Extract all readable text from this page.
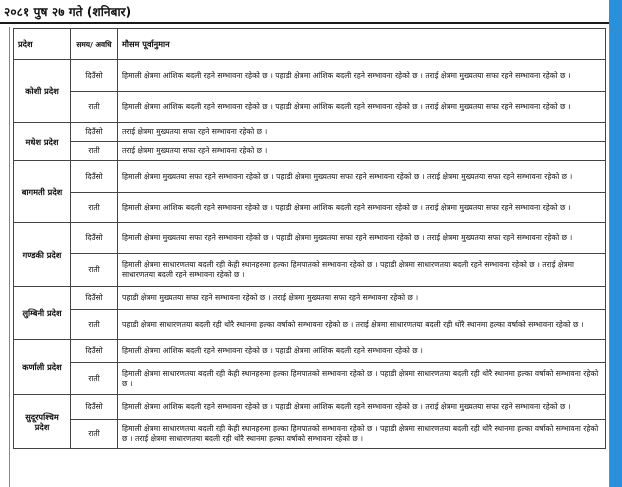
२०८१ पुष २७ गते (शनिबार)
प्रदेश	समय/ अवधि	मौसम पूर्वानुमान
कोशी प्रदेश	दिउँसो	हिमाली क्षेत्रमा आंशिक बदली रहने सम्भावना रहेको छ । पहाडी क्षेत्रमा आंशिक बदली रहने सम्भावना रहेको छ । तराई क्षेत्रमा मुख्यतया सफा रहने सम्भावना रहेको छ ।
	राती	हिमाली क्षेत्रमा आंशिक बदली रहने सम्भावना रहेको छ । पहाडी क्षेत्रमा आंशिक बदली रहने सम्भावना रहेको छ । तराई क्षेत्रमा मुख्यतया सफा रहने सम्भावना रहेको छ ।
मधेश प्रदेश	दिउँसो	तराई क्षेत्रमा मुख्यतया सफा रहने सम्भावना रहेको छ ।
	राती	तराई क्षेत्रमा मुख्यतया सफा रहने सम्भावना रहेको छ ।
बागमती प्रदेश	दिउँसो	हिमाली क्षेत्रमा मुख्यतया सफा रहने सम्भावना रहेको छ । पहाडी क्षेत्रमा मुख्यतया सफा रहने सम्भावना रहेको छ । तराई क्षेत्रमा मुख्यतया सफा रहने सम्भावना रहेको छ ।
	राती	हिमाली क्षेत्रमा आंशिक बदली रहने सम्भावना रहेको छ । पहाडी क्षेत्रमा आंशिक बदली रहने सम्भावना रहेको छ । तराई क्षेत्रमा मुख्यतया सफा रहने सम्भावना रहेको छ ।
गण्डकी प्रदेश	दिउँसो	हिमाली क्षेत्रमा मुख्यतया सफा रहने सम्भावना रहेको छ । पहाडी क्षेत्रमा मुख्यतया सफा रहने सम्भावना रहेको छ । तराई क्षेत्रमा मुख्यतया सफा रहने सम्भावना रहेको छ ।
	राती	हिमाली क्षेत्रमा साधारणतया बदली रही केही स्थानहरुमा हल्का हिमपातको सम्भावना रहेको छ । पहाडी क्षेत्रमा साधारणतया बदली रहने सम्भावना रहेको छ । तराई क्षेत्रमा साधारणतया बदली रहने सम्भावना रहेको छ ।
लुम्बिनी प्रदेश	दिउँसो	पहाडी क्षेत्रमा मुख्यतया सफा रहने सम्भावना रहेको छ । तराई क्षेत्रमा मुख्यतया सफा रहने सम्भावना रहेको छ ।
	राती	पहाडी क्षेत्रमा साधारणतया बदली रही थोरै स्थानमा हल्का वर्षाको सम्भावना रहेको छ । तराई क्षेत्रमा साधारणतया बदली रही थोरै स्थानमा हल्का वर्षाको सम्भावना रहेको छ ।
कर्णाली प्रदेश	दिउँसो	हिमाली क्षेत्रमा आंशिक बदली रहने सम्भावना रहेको छ । पहाडी क्षेत्रमा आंशिक बदली रहने सम्भावना रहेको छ ।
	राती	हिमाली क्षेत्रमा साधारणतया बदली रही केही स्थानहरुमा हल्का हिमपातको सम्भावना रहेको छ । पहाडी क्षेत्रमा साधारणतया बदली रही थोरै स्थानमा हल्का वर्षाको सम्भावना रहेको छ ।
सुदूरपश्चिम प्रदेश	दिउँसो	हिमाली क्षेत्रमा आंशिक बदली रहने सम्भावना रहेको छ । पहाडी क्षेत्रमा आंशिक बदली रहने सम्भावना रहेको छ । तराई क्षेत्रमा मुख्यतया सफा रहने सम्भावना रहेको छ ।
	राती	हिमाली क्षेत्रमा साधारणतया बदली रही केही स्थानहरुमा हल्का हिमपातको सम्भावना रहेको छ । पहाडी क्षेत्रमा साधारणतया बदली रही थोरै स्थानमा हल्का वर्षाको सम्भावना रहेको छ । तराई क्षेत्रमा साधारणतया बदली रही थोरै स्थानमा हल्का वर्षाको सम्भावना रहेको छ ।
